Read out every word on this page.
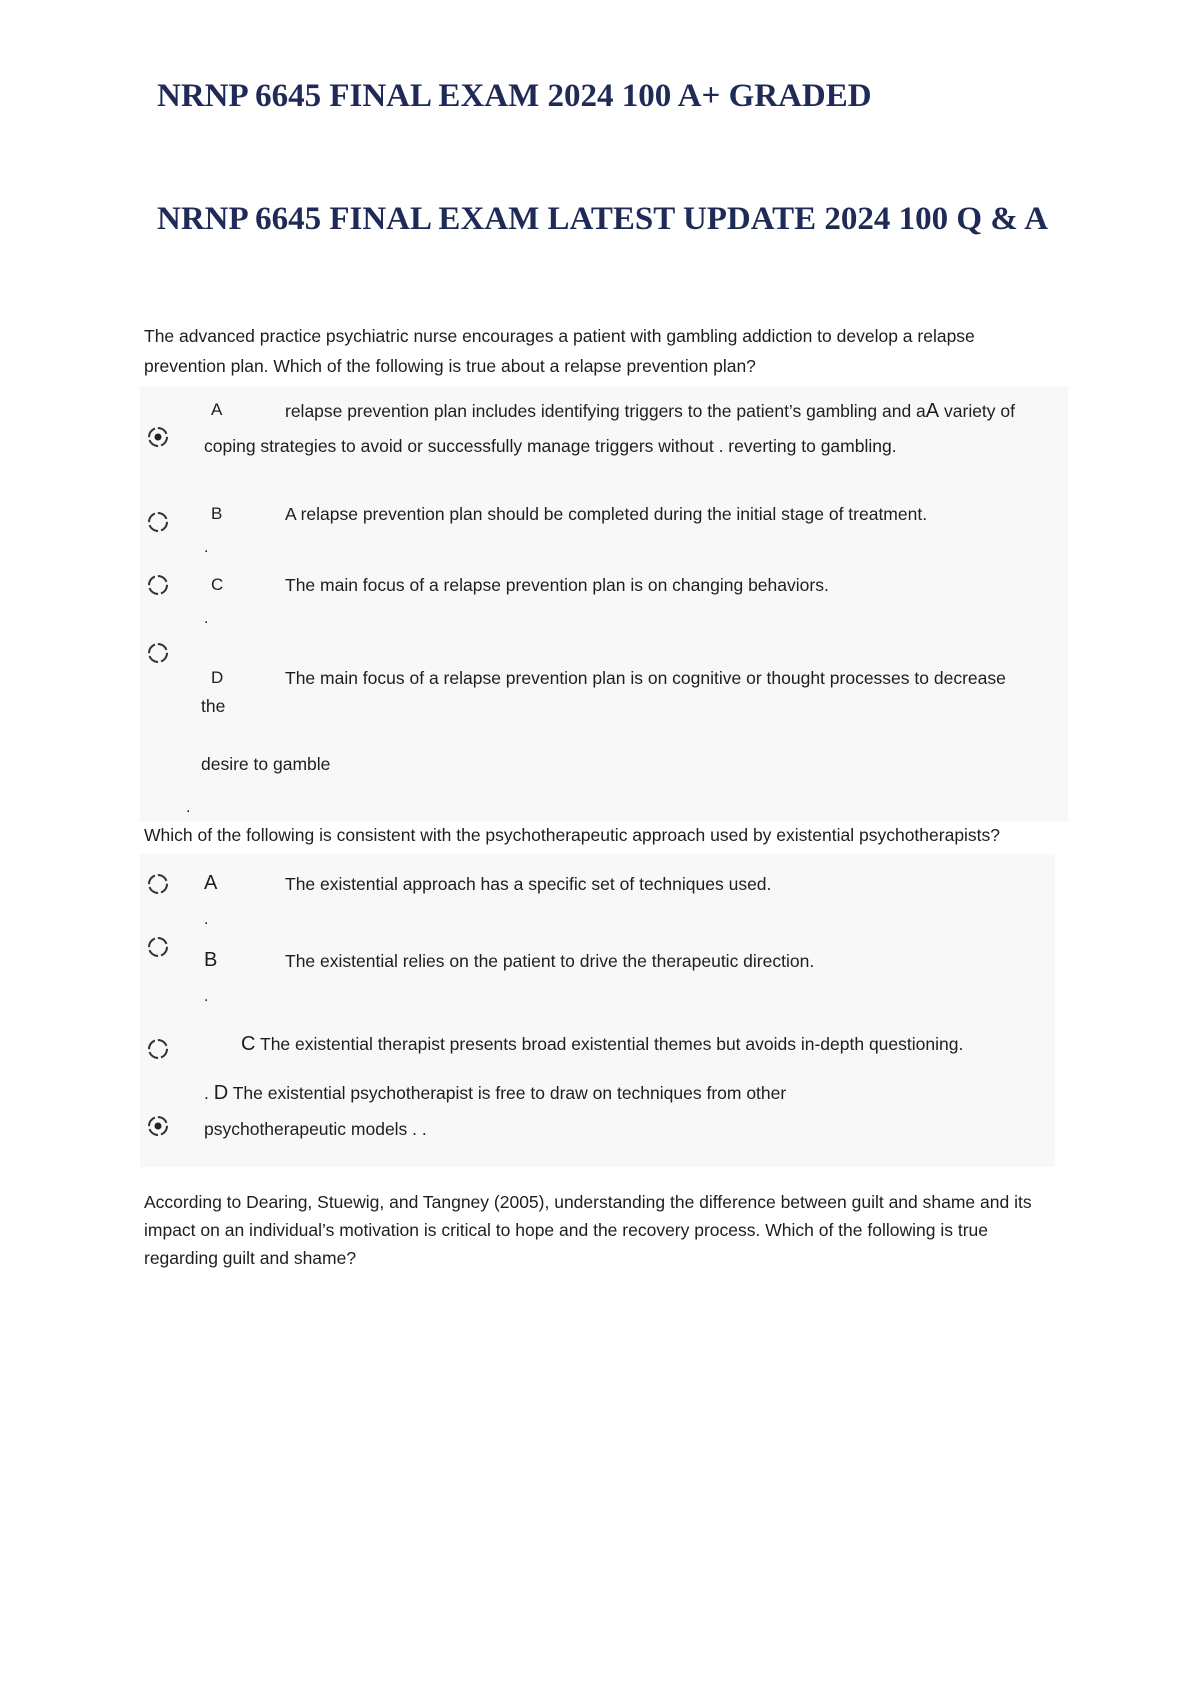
NRNP 6645 FINAL EXAM 2024 100 A+ GRADED
NRNP 6645 FINAL EXAM LATEST UPDATE 2024 100 Q & A
The advanced practice psychiatric nurse encourages a patient with gambling addiction to develop a relapse
prevention plan. Which of the following is true about a relapse prevention plan?
A	relapse prevention plan includes identifying triggers to the patient’s gambling and aA variety of
coping strategies to avoid or successfully manage triggers without . reverting to gambling.
B
.
A relapse prevention plan should be completed during the initial stage of treatment.
C
.
The main focus of a relapse prevention plan is on changing behaviors.
D	The main focus of a relapse prevention plan is on cognitive or thought processes to decrease
the
desire to gamble
.
Which of the following is consistent with the psychotherapeutic approach used by existential psychotherapists?
A
.
The existential approach has a specific set of techniques used.
B
.
The existential relies on the patient to drive the therapeutic direction.
C The existential therapist presents broad existential themes but avoids in-depth questioning.
. D The existential psychotherapist is free to draw on techniques from other
psychotherapeutic models . .
According to Dearing, Stuewig, and Tangney (2005), understanding the difference between guilt and shame and its
impact on an individual’s motivation is critical to hope and the recovery process. Which of the following is true
regarding guilt and shame?
